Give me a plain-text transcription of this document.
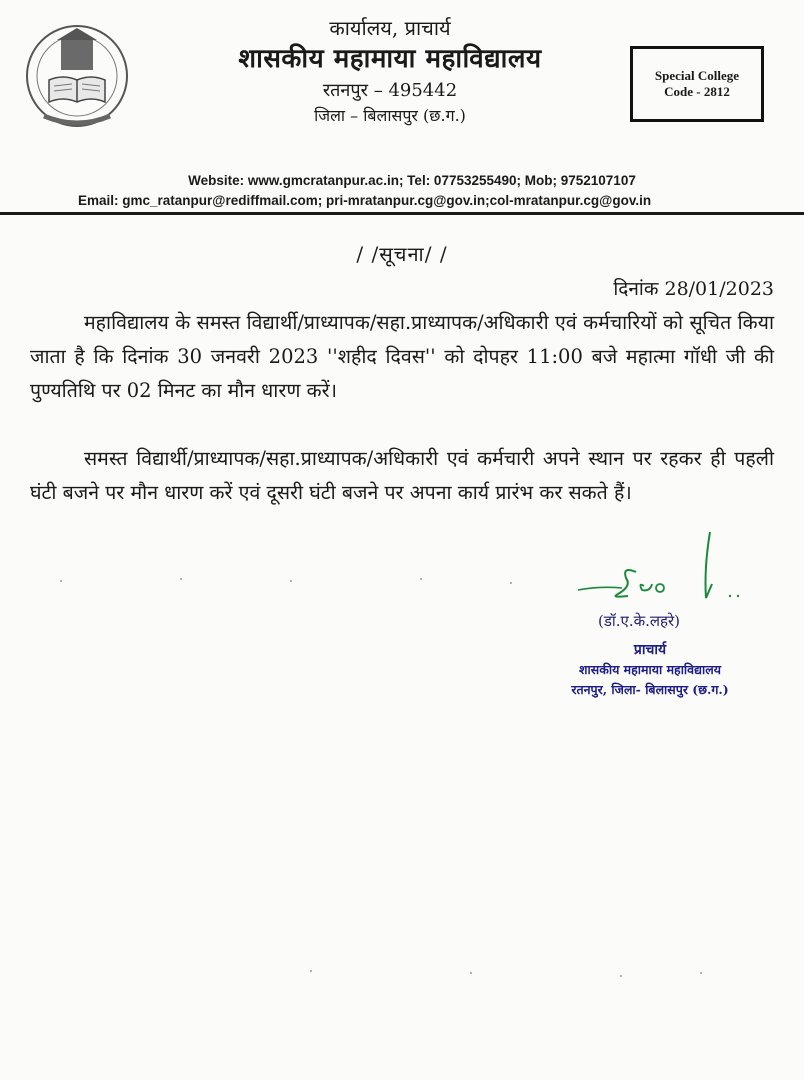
कार्यालय, प्राचार्य
शासकीय महामाया महाविद्यालय
रतनपुर – 495442
जिला – बिलासपुर (छ.ग.)
Special College
Code - 2812
Website: www.gmcratanpur.ac.in; Tel: 07753255490; Mob; 9752107107
Email: gmc_ratanpur@rediffmail.com; pri-mratanpur.cg@gov.in;col-mratanpur.cg@gov.in
/ /सूचना/ /
दिनांक 28/01/2023
महाविद्यालय के समस्त विद्यार्थी/प्राध्यापक/सहा.प्राध्यापक/अधिकारी एवं कर्मचारियों को सूचित किया जाता है कि दिनांक 30 जनवरी 2023 ''शहीद दिवस'' को दोपहर 11:00 बजे महात्मा गॉधी जी की पुण्यतिथि पर 02 मिनट का मौन धारण करें।
समस्त विद्यार्थी/प्राध्यापक/सहा.प्राध्यापक/अधिकारी एवं कर्मचारी अपने स्थान पर रहकर ही पहली घंटी बजने पर मौन धारण करें एवं दूसरी घंटी बजने पर अपना कार्य प्रारंभ कर सकते हैं।
(डॉ.ए.के.लहरे)
प्राचार्य
शासकीय महामाया महाविद्यालय
रतनपुर, जिला- बिलासपुर (छ.ग.)
